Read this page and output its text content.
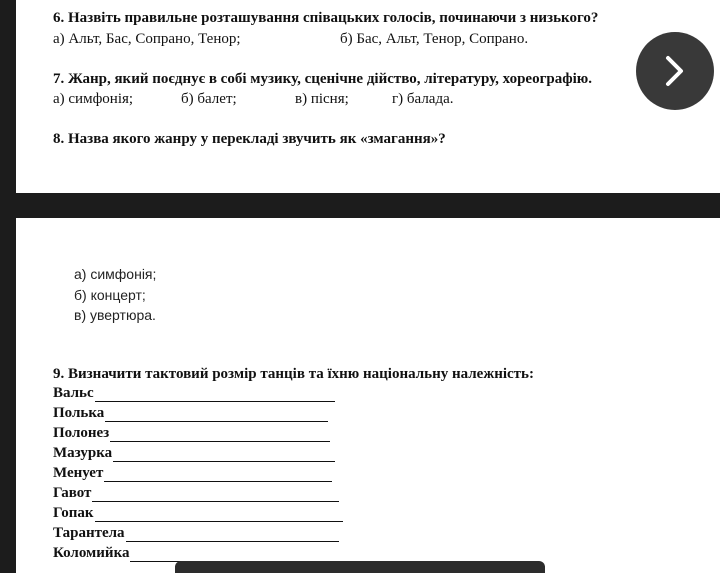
6. Назвіть правильне розташування співацьких голосів, починаючи з низького?
а) Альт, Бас, Сопрано, Тенор;	б) Бас, Альт, Тенор, Сопрано.
7. Жанр, який поєднує в собі музику, сценічне дійство, літературу, хореографію.
а) симфонія;	б) балет;	в) пісня;	г) балада.
8. Назва якого жанру у перекладі звучить як «змагання»?
а) симфонія;
б) концерт;
в) увертюра.
9. Визначити тактовий розмір танців та їхню національну належність:
Вальс
Полька
Полонез
Мазурка
Менует
Гавот
Гопак
Тарантела
Коломийка
